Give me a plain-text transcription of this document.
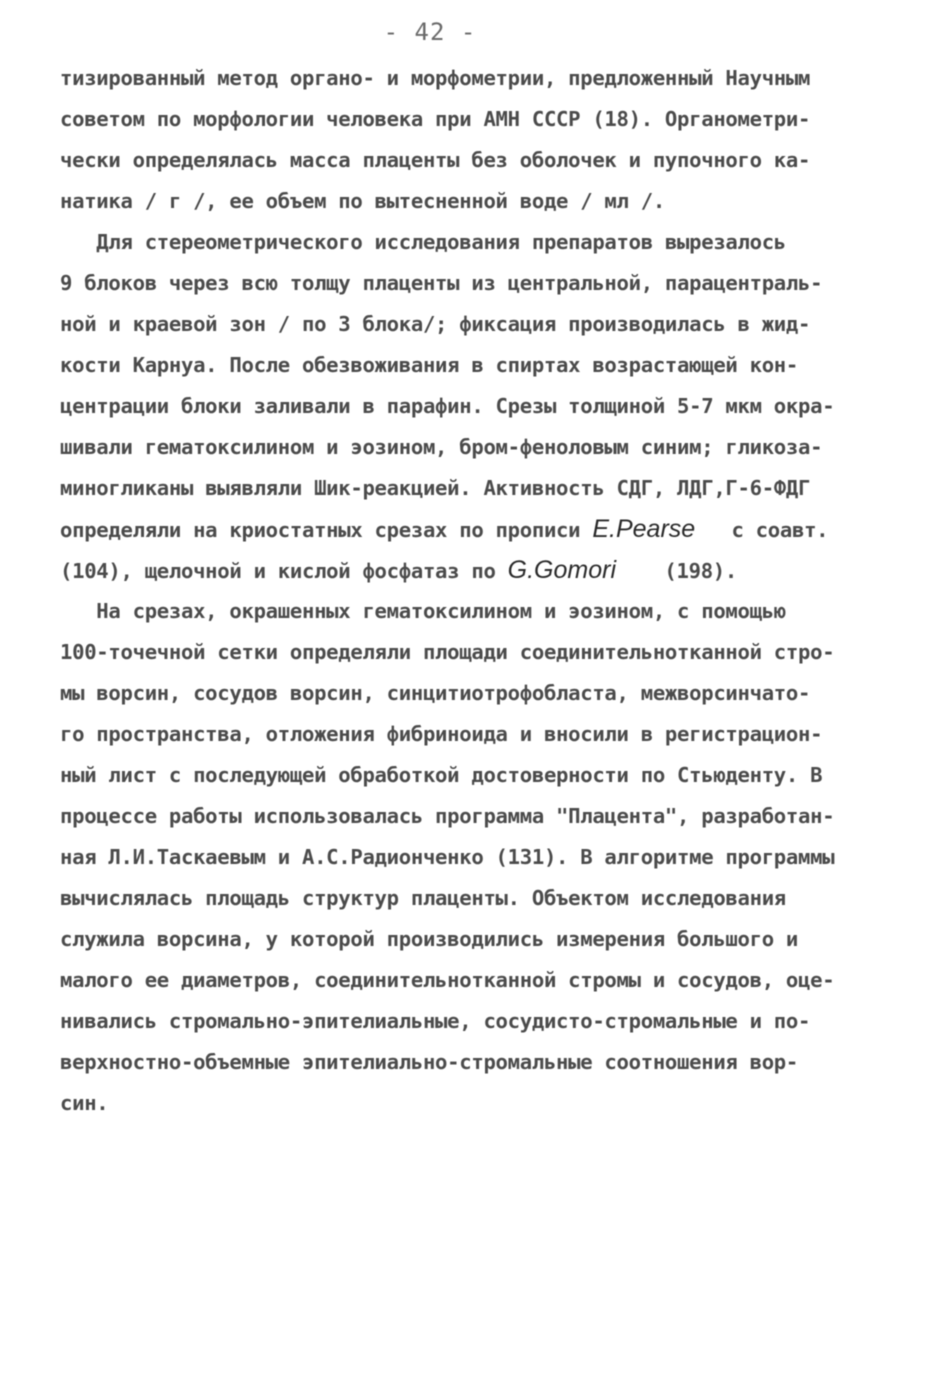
- 42 -
тизированный метод органо- и морфометрии, предложенный Научным
советом по морфологии человека при АМН СССР (18). Органометри-
чески определялась масса плаценты без оболочек и пупочного ка-
натика / г /, ее объем по вытесненной воде / мл /.
Для стереометрического исследования препаратов вырезалось
9 блоков через всю толщу плаценты из центральной, парацентраль-
ной и краевой зон / по 3 блока/; фиксация производилась в жид-
кости Карнуа. После обезвоживания в спиртах возрастающей кон-
центрации блоки заливали в парафин. Срезы толщиной 5-7 мкм окра-
шивали гематоксилином и эозином, бром-феноловым синим; гликоза-
миногликаны выявляли Шик-реакцией. Активность СДГ, ЛДГ,Г-6-ФДГ
определяли на криостатных срезах по прописи E.Pearse   с соавт.
(104), щелочной и кислой фосфатаз по G.Gomori    (198).
На срезах, окрашенных гематоксилином и эозином, с помощью
100-точечной сетки определяли площади соединительнотканной стро-
мы ворсин, сосудов ворсин, синцитиотрофобласта, межворсинчато-
го пространства, отложения фибриноида и вносили в регистрацион-
ный лист с последующей обработкой достоверности по Стьюденту. В
процессе работы использовалась программа "Плацента", разработан-
ная Л.И.Таскаевым и А.С.Радионченко (131). В алгоритме программы
вычислялась площадь структур плаценты. Объектом исследования
служила ворсина, у которой производились измерения большого и
малого ее диаметров, соединительнотканной стромы и сосудов, оце-
нивались стромально-эпителиальные, сосудисто-стромальные и по-
верхностно-объемные эпителиально-стромальные соотношения вор-
син.
